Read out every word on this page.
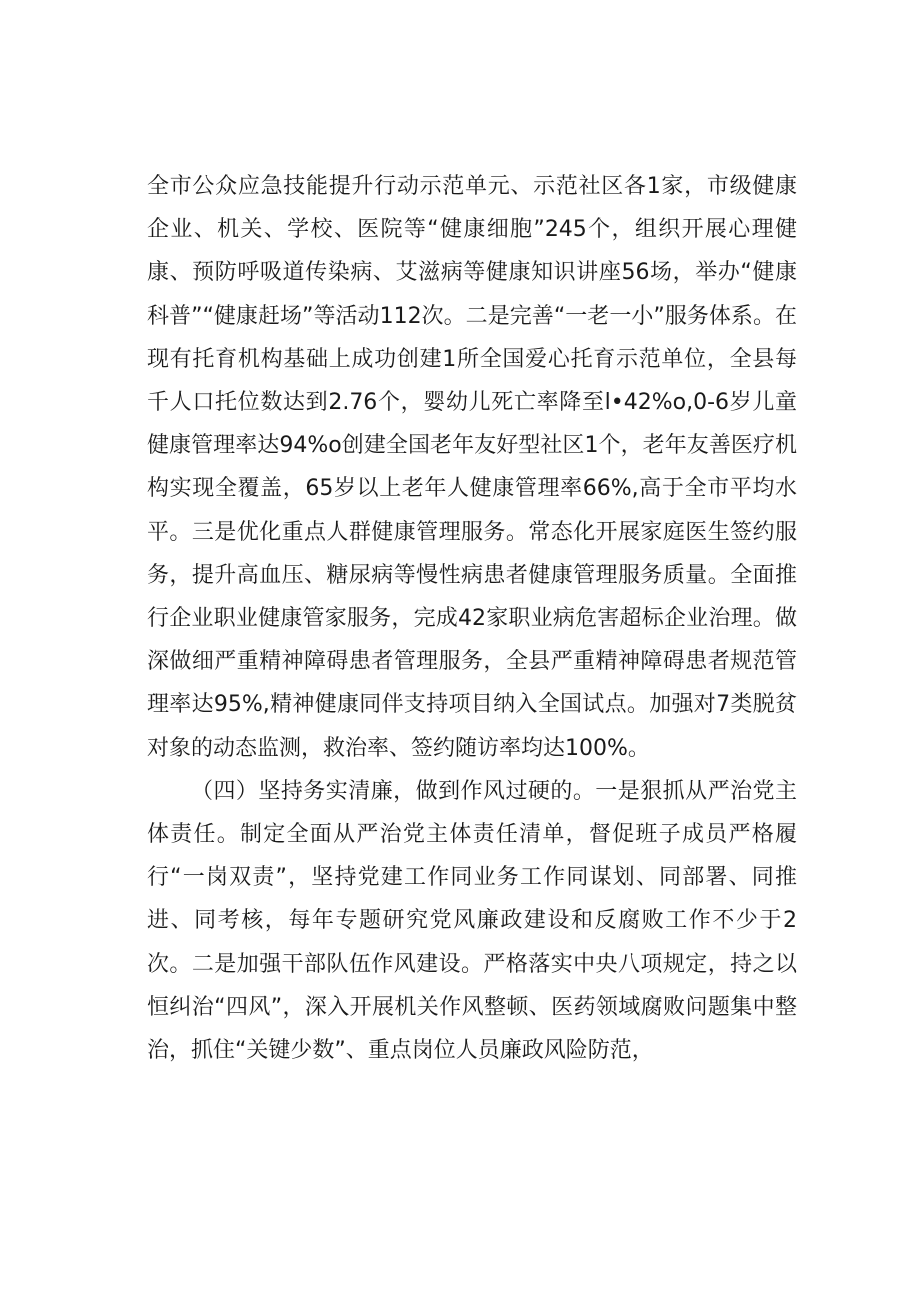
全市公众应急技能提升行动示范单元、示范社区各1家，市级健康企业、机关、学校、医院等“健康细胞”245个，组织开展心理健康、预防呼吸道传染病、艾滋病等健康知识讲座56场，举办“健康科普”“健康赶场”等活动112次。二是完善“一老一小”服务体系。在现有托育机构基础上成功创建1所全国爱心托育示范单位，全县每千人口托位数达到2.76个，婴幼儿死亡率降至l•42%o,0-6岁儿童健康管理率达94%o创建全国老年友好型社区1个，老年友善医疗机构实现全覆盖，65岁以上老年人健康管理率66%,高于全市平均水平。三是优化重点人群健康管理服务。常态化开展家庭医生签约服务，提升高血压、糖尿病等慢性病患者健康管理服务质量。全面推行企业职业健康管家服务，完成42家职业病危害超标企业治理。做深做细严重精神障碍患者管理服务，全县严重精神障碍患者规范管理率达95%,精神健康同伴支持项目纳入全国试点。加强对7类脱贫对象的动态监测，救治率、签约随访率均达100%。

（四）坚持务实清廉，做到作风过硬的。一是狠抓从严治党主体责任。制定全面从严治党主体责任清单，督促班子成员严格履行“一岗双责”，坚持党建工作同业务工作同谋划、同部署、同推进、同考核，每年专题研究党风廉政建设和反腐败工作不少于2次。二是加强干部队伍作风建设。严格落实中央八项规定，持之以恒纠治“四风”，深入开展机关作风整顿、医药领域腐败问题集中整治，抓住“关键少数”、重点岗位人员廉政风险防范，
